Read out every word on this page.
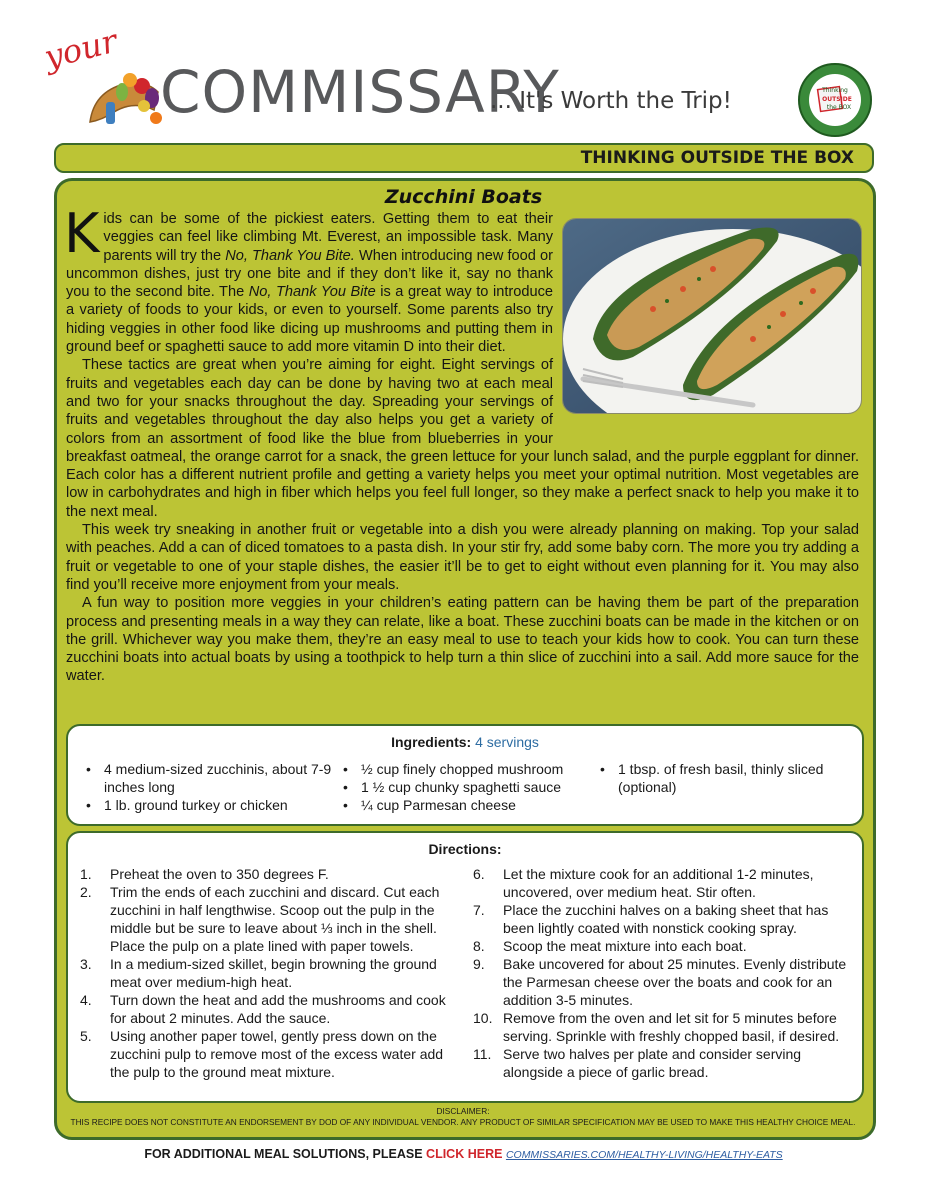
your
COMMISSARY
... It's Worth the Trip!	Thinking
OUTSIDE
the BOX
THINKING OUTSIDE THE BOX
Zucchini Boats

Kids can be some of the pickiest eaters. Getting them to eat their veggies can feel like climbing Mt. Everest, an impossible task. Many parents will try the No, Thank You Bite. When introducing new food or uncommon dishes, just try one bite and if they don’t like it, say no thank you to the second bite. The No, Thank You Bite is a great way to introduce a variety of foods to your kids, or even to yourself. Some parents also try hiding veggies in other food like dicing up mushrooms and putting them in ground beef or spaghetti sauce to add more vitamin D into their diet.

These tactics are great when you’re aiming for eight. Eight servings of fruits and vegetables each day can be done by having two at each meal and two for your snacks throughout the day. Spreading your servings of fruits and vegetables throughout the day also helps you get a variety of colors from an assortment of food like the blue from blueberries in your breakfast oatmeal, the orange carrot for a snack, the green lettuce for your lunch salad, and the purple eggplant for dinner. Each color has a different nutrient profile and getting a variety helps you meet your optimal nutrition. Most vegetables are low in carbohydrates and high in fiber which helps you feel full longer, so they make a perfect snack to help you make it to the next meal.

This week try sneaking in another fruit or vegetable into a dish you were already planning on making. Top your salad with peaches. Add a can of diced tomatoes to a pasta dish. In your stir fry, add some baby corn. The more you try adding a fruit or vegetable to one of your staple dishes, the easier it’ll be to get to eight without even planning for it. You may also find you’ll receive more enjoyment from your meals.

A fun way to position more veggies in your children’s eating pattern can be having them be part of the preparation process and presenting meals in a way they can relate, like a boat. These zucchini boats can be made in the kitchen or on the grill. Whichever way you make them, they’re an easy meal to use to teach your kids how to cook. You can turn these zucchini boats into actual boats by using a toothpick to help turn a thin slice of zucchini into a sail. Add more sauce for the water.

Ingredients: 4 servings
• 4 medium-sized zucchinis, about 7-9 inches long
• 1 lb. ground turkey or chicken
• ½ cup finely chopped mushroom
• 1 ½ cup chunky spaghetti sauce
• ¼ cup Parmesan cheese
• 1 tbsp. of fresh basil, thinly sliced (optional)
Directions:
1. Preheat the oven to 350 degrees F.
2. Trim the ends of each zucchini and discard. Cut each zucchini in half lengthwise. Scoop out the pulp in the middle but be sure to leave about ⅓ inch in the shell. Place the pulp on a plate lined with paper towels.
3. In a medium-sized skillet, begin browning the ground meat over medium-high heat.
4. Turn down the heat and add the mushrooms and cook for about 2 minutes. Add the sauce.
5. Using another paper towel, gently press down on the zucchini pulp to remove most of the excess water add the pulp to the ground meat mixture.
6. Let the mixture cook for an additional 1-2 minutes, uncovered, over medium heat. Stir often.
7. Place the zucchini halves on a baking sheet that has been lightly coated with nonstick cooking spray.
8. Scoop the meat mixture into each boat.
9. Bake uncovered for about 25 minutes. Evenly distribute the Parmesan cheese over the boats and cook for an addition 3-5 minutes.
10. Remove from the oven and let sit for 5 minutes before serving. Sprinkle with freshly chopped basil, if desired.
11. Serve two halves per plate and consider serving alongside a piece of garlic bread.
DISCLAIMER:
THIS RECIPE DOES NOT CONSTITUTE AN ENDORSEMENT BY DOD OF ANY INDIVIDUAL VENDOR. ANY PRODUCT OF SIMILAR SPECIFICATION MAY BE USED TO MAKE THIS HEALTHY CHOICE MEAL.
FOR ADDITIONAL MEAL SOLUTIONS, PLEASE CLICK HERE COMMISSARIES.COM/HEALTHY-LIVING/HEALTHY-EATS
